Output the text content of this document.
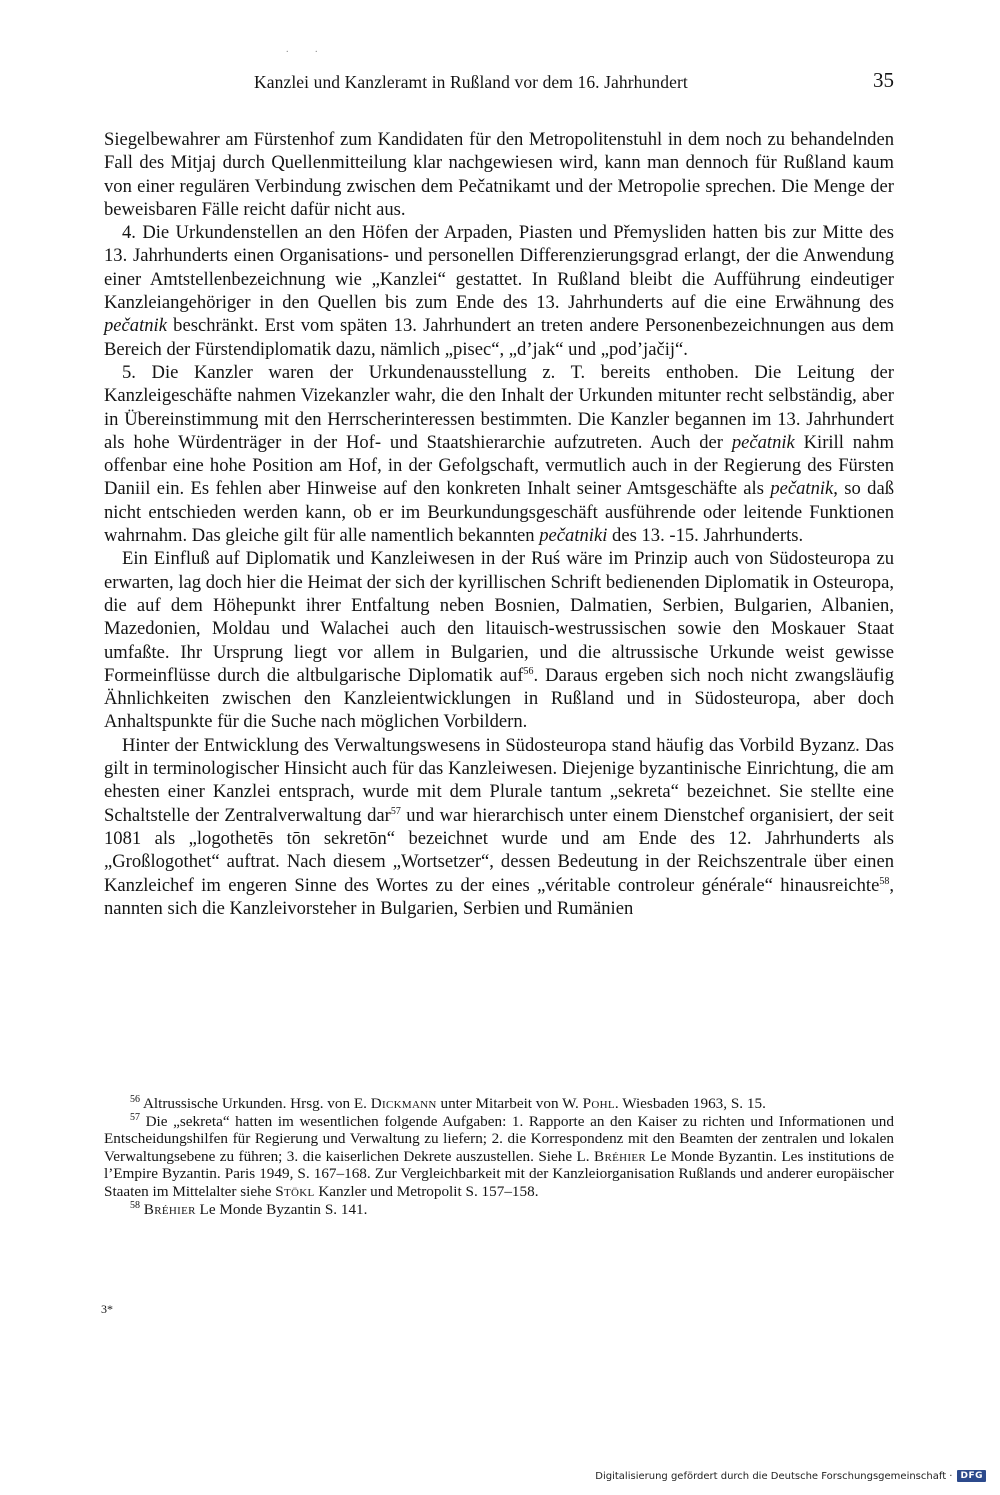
. .
Kanzlei und Kanzleramt in Rußland vor dem 16. Jahrhundert	35

Siegelbewahrer am Fürstenhof zum Kandidaten für den Metropolitenstuhl in dem noch zu behandelnden Fall des Mitjaj durch Quellenmitteilung klar nachgewiesen wird, kann man dennoch für Rußland kaum von einer regulären Verbindung zwischen dem Pečatnikamt und der Metropolie sprechen. Die Menge der beweisbaren Fälle reicht dafür nicht aus.

4. Die Urkundenstellen an den Höfen der Arpaden, Piasten und Přemysliden hatten bis zur Mitte des 13. Jahrhunderts einen Organisations- und personellen Differenzierungsgrad erlangt, der die Anwendung einer Amtstellenbezeichnung wie „Kanzlei“ gestattet. In Rußland bleibt die Aufführung eindeutiger Kanzleiangehöriger in den Quellen bis zum Ende des 13. Jahrhunderts auf die eine Erwähnung des pečatnik beschränkt. Erst vom späten 13. Jahrhundert an treten andere Personenbezeichnungen aus dem Bereich der Fürstendiplomatik dazu, nämlich „pisec“, „d’jak“ und „pod’jačij“.

5. Die Kanzler waren der Urkundenausstellung z. T. bereits enthoben. Die Leitung der Kanzleigeschäfte nahmen Vizekanzler wahr, die den Inhalt der Urkunden mitunter recht selbständig, aber in Übereinstimmung mit den Herrscherinteressen bestimmten. Die Kanzler begannen im 13. Jahrhundert als hohe Würdenträger in der Hof- und Staatshierarchie aufzutreten. Auch der pečatnik Kirill nahm offenbar eine hohe Position am Hof, in der Gefolgschaft, vermutlich auch in der Regierung des Fürsten Daniil ein. Es fehlen aber Hinweise auf den konkreten Inhalt seiner Amtsgeschäfte als pečatnik, so daß nicht entschieden werden kann, ob er im Beurkundungsgeschäft ausführende oder leitende Funktionen wahrnahm. Das gleiche gilt für alle namentlich bekannten pečatniki des 13. -15. Jahrhunderts.

Ein Einfluß auf Diplomatik und Kanzleiwesen in der Ruś wäre im Prinzip auch von Südosteuropa zu erwarten, lag doch hier die Heimat der sich der kyrillischen Schrift bedienenden Diplomatik in Osteuropa, die auf dem Höhepunkt ihrer Entfaltung neben Bosnien, Dalmatien, Serbien, Bulgarien, Albanien, Mazedonien, Moldau und Walachei auch den litauisch-westrussischen sowie den Moskauer Staat umfaßte. Ihr Ursprung liegt vor allem in Bulgarien, und die altrussische Urkunde weist gewisse Formeinflüsse durch die altbulgarische Diplomatik auf$^{56}$. Daraus ergeben sich noch nicht zwangsläufig Ähnlichkeiten zwischen den Kanzleientwicklungen in Rußland und in Südosteuropa, aber doch Anhaltspunkte für die Suche nach möglichen Vorbildern.

Hinter der Entwicklung des Verwaltungswesens in Südosteuropa stand häufig das Vorbild Byzanz. Das gilt in terminologischer Hinsicht auch für das Kanzleiwesen. Diejenige byzantinische Einrichtung, die am ehesten einer Kanzlei entsprach, wurde mit dem Plurale tantum „sekreta“ bezeichnet. Sie stellte eine Schaltstelle der Zentralverwaltung dar$^{57}$ und war hierarchisch unter einem Dienstchef organisiert, der seit 1081 als „logothetēs tōn sekretōn“ bezeichnet wurde und am Ende des 12. Jahrhunderts als „Großlogothet“ auftrat. Nach diesem „Wortsetzer“, dessen Bedeutung in der Reichszentrale über einen Kanzleichef im engeren Sinne des Wortes zu der eines „véritable controleur générale“ hinausreichte$^{58}$, nannten sich die Kanzleivorsteher in Bulgarien, Serbien und Rumänien

$^{56}$ Altrussische Urkunden. Hrsg. von E. Dickmann unter Mitarbeit von W. Pohl. Wiesbaden 1963, S. 15.

$^{57}$ Die „sekreta“ hatten im wesentlichen folgende Aufgaben: 1. Rapporte an den Kaiser zu richten und Informationen und Entscheidungshilfen für Regierung und Verwaltung zu liefern; 2. die Korrespondenz mit den Beamten der zentralen und lokalen Verwaltungsebene zu führen; 3. die kaiserlichen Dekrete auszustellen. Siehe L. Bréhier Le Monde Byzantin. Les institutions de l’Empire Byzantin. Paris 1949, S. 167–168. Zur Vergleichbarkeit mit der Kanzleiorganisation Rußlands und anderer europäischer Staaten im Mittelalter siehe Stökl Kanzler und Metropolit S. 157–158.

$^{58}$ Bréhier Le Monde Byzantin S. 141.

3*
Digitalisierung gefördert durch die Deutsche Forschungsgemeinschaft · DFG
